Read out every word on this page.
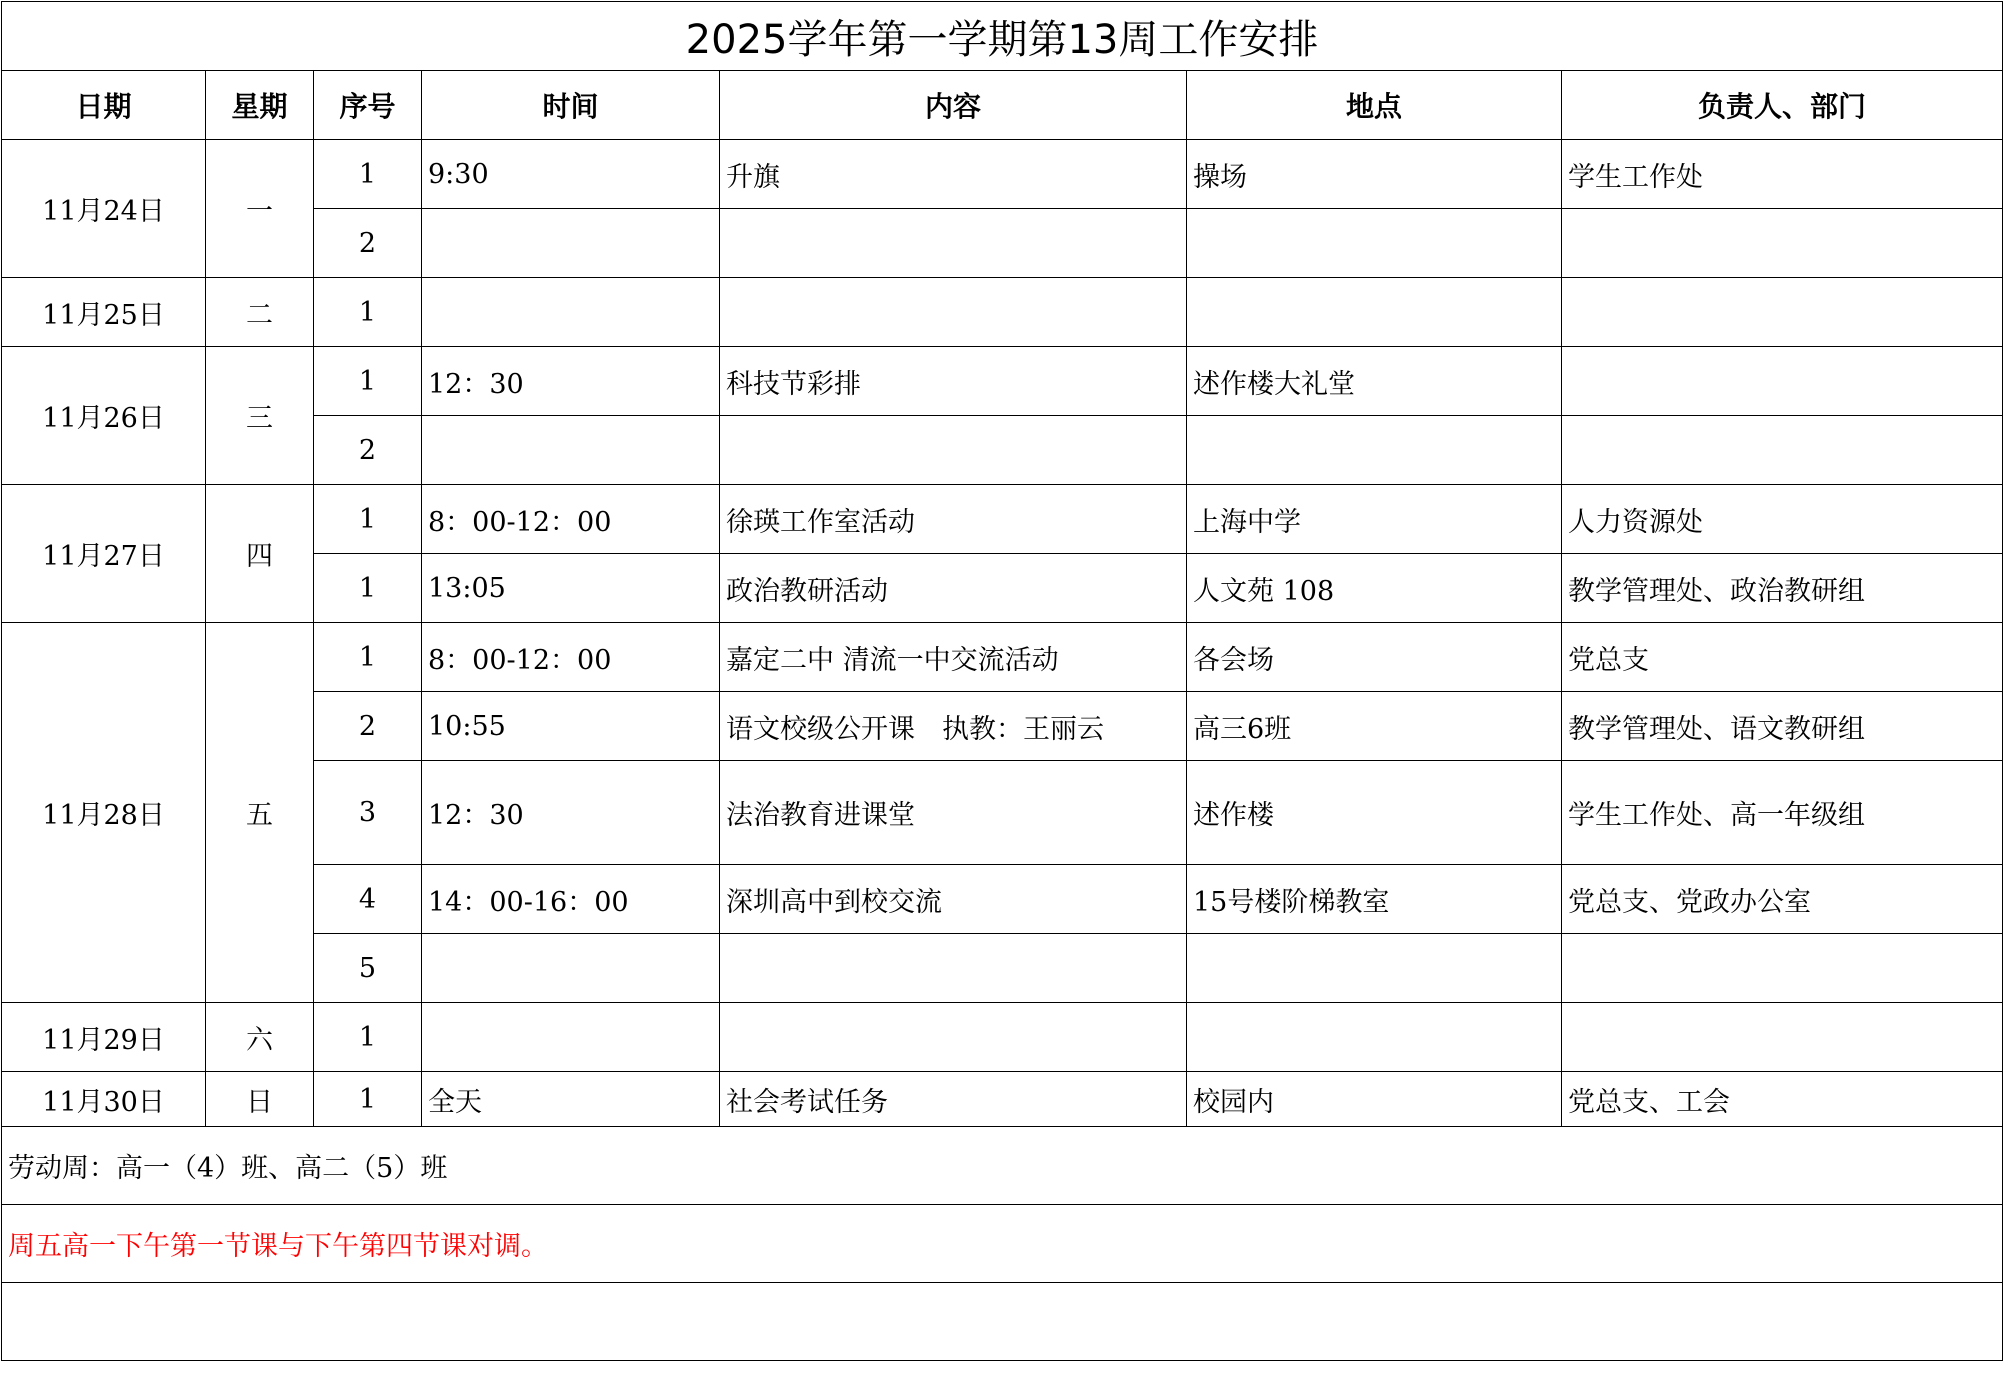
2025学年第一学期第13周工作安排						
日期	星期	序号	时间	内容	地点	负责人、部门
11月24日	一	1	9:30	升旗	操场	学生工作处
		2				
11月25日	二	1				
11月26日	三	1	12：30	科技节彩排	述作楼大礼堂	
		2				
11月27日	四	1	8：00-12：00	徐瑛工作室活动	上海中学	人力资源处
		1	13:05	政治教研活动	人文苑 108	教学管理处、政治教研组
11月28日	五	1	8：00-12：00	嘉定二中 清流一中交流活动	各会场	党总支
		2	10:55	语文校级公开课　执教：王丽云	高三6班	教学管理处、语文教研组
		3	12：30	法治教育进课堂	述作楼	学生工作处、高一年级组
		4	14：00-16：00	深圳高中到校交流	15号楼阶梯教室	党总支、党政办公室
		5				
11月29日	六	1				
11月30日	日	1	全天	社会考试任务	校园内	党总支、工会
劳动周：高一（4）班、高二（5）班						
周五高一下午第一节课与下午第四节课对调。						
